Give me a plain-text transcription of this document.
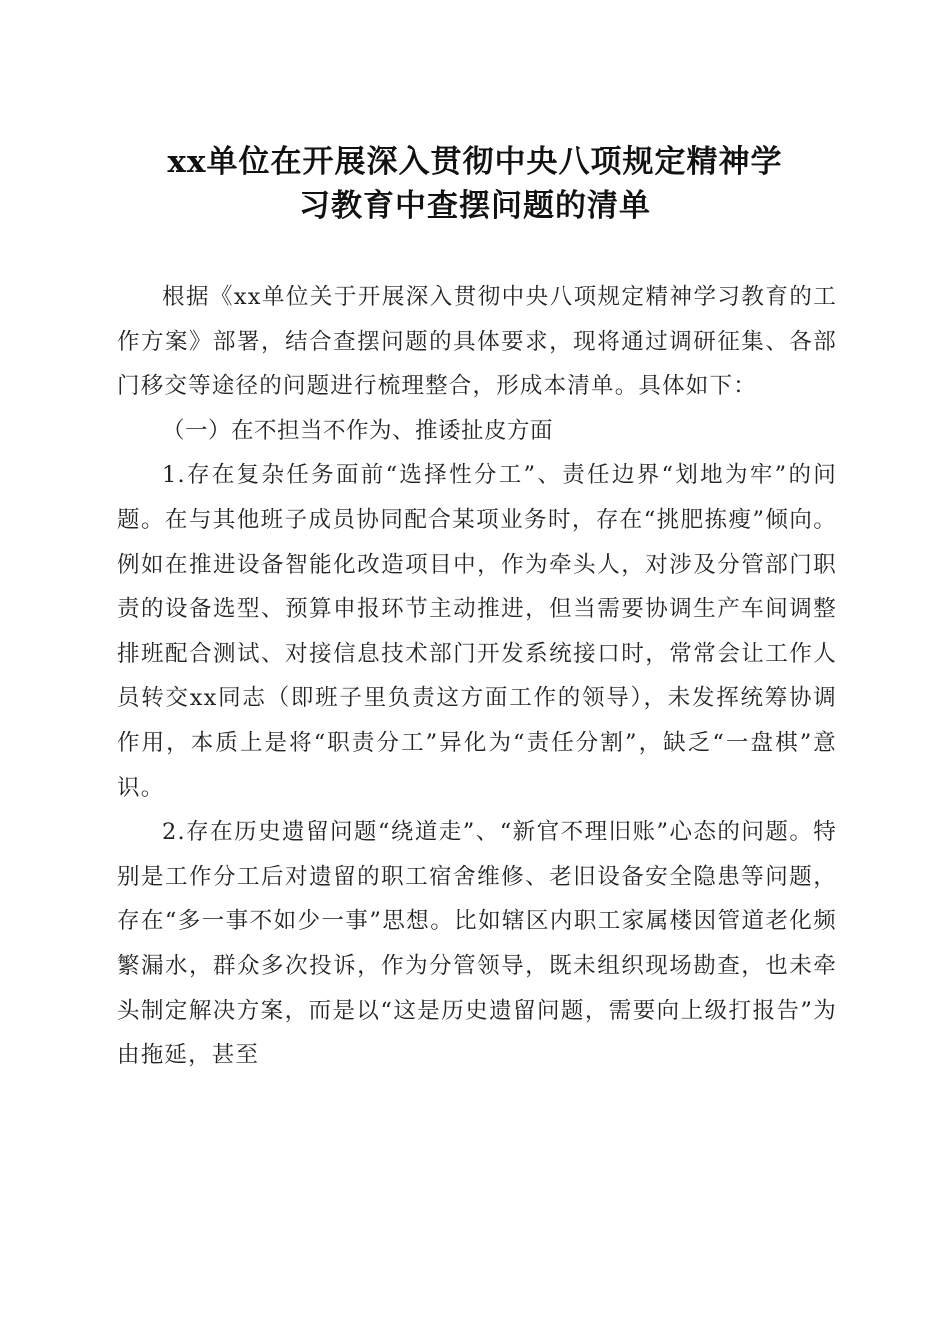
xx单位在开展深入贯彻中央八项规定精神学
习教育中查摆问题的清单

根据《xx单位关于开展深入贯彻中央八项规定精神学习教育的工作方案》部署，结合查摆问题的具体要求，现将通过调研征集、各部门移交等途径的问题进行梳理整合，形成本清单。具体如下：

（一）在不担当不作为、推诿扯皮方面

1.存在复杂任务面前“选择性分工”、责任边界“划地为牢”的问题。在与其他班子成员协同配合某项业务时，存在“挑肥拣瘦”倾向。例如在推进设备智能化改造项目中，作为牵头人，对涉及分管部门职责的设备选型、预算申报环节主动推进，但当需要协调生产车间调整排班配合测试、对接信息技术部门开发系统接口时，常常会让工作人员转交xx同志（即班子里负责这方面工作的领导），未发挥统筹协调作用，本质上是将“职责分工”异化为“责任分割”，缺乏“一盘棋”意识。

2.存在历史遗留问题“绕道走”、“新官不理旧账”心态的问题。特别是工作分工后对遗留的职工宿舍维修、老旧设备安全隐患等问题，存在“多一事不如少一事”思想。比如辖区内职工家属楼因管道老化频繁漏水，群众多次投诉，作为分管领导，既未组织现场勘查，也未牵头制定解决方案，而是以“这是历史遗留问题，需要向上级打报告”为由拖延，甚至
